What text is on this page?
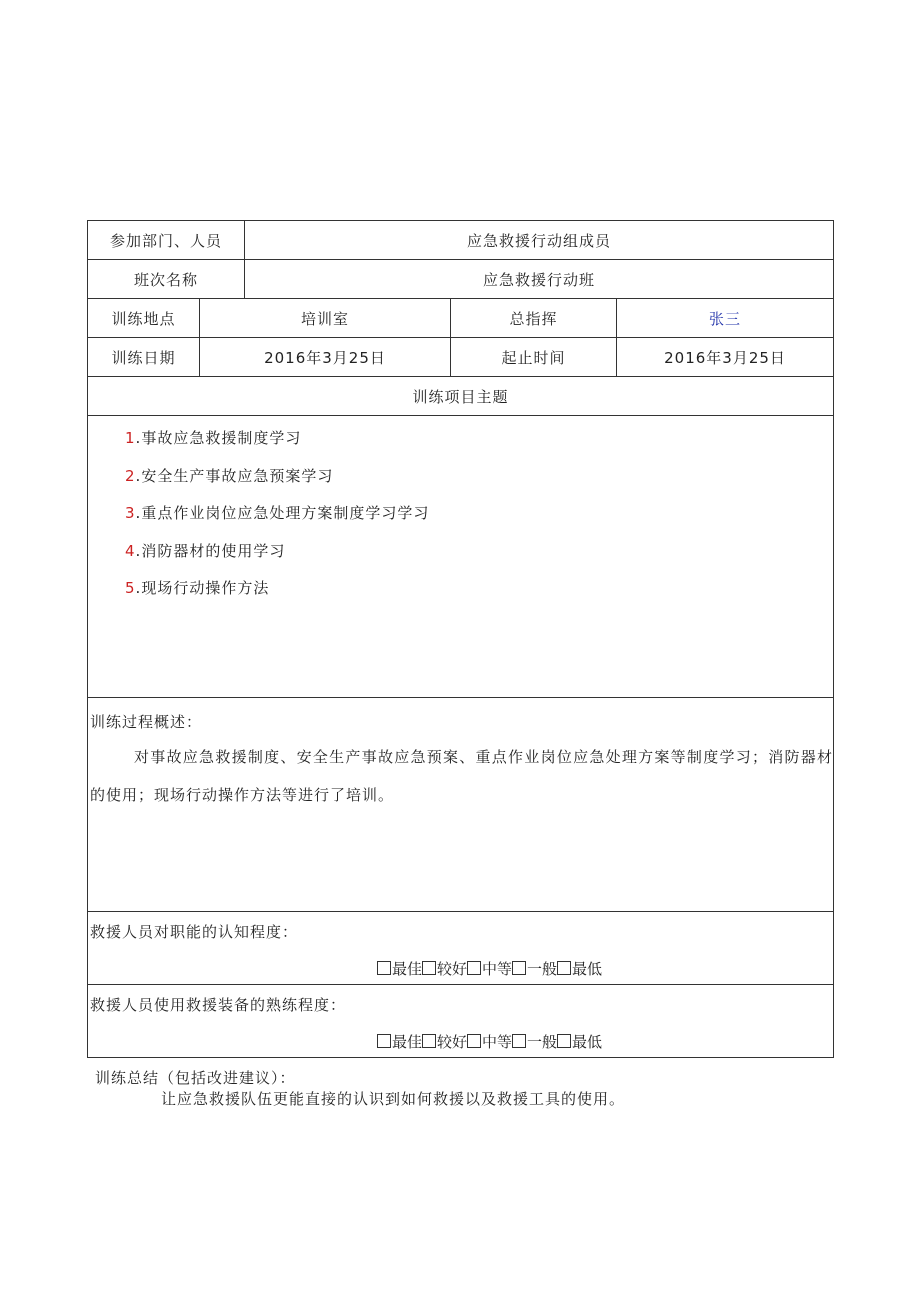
参加部门、人员		应急救援行动组成员		
班次名称		应急救援行动班		
训练地点	培训室		总指挥	张三
训练日期	2016年3月25日		起止时间	2016年3月25日
训练项目主题				

1.事故应急救援制度学习
2.安全生产事故应急预案学习
3.重点作业岗位应急处理方案制度学习学习
4.消防器材的使用学习
5.现场行动操作方法				

训练过程概述：
对事故应急救援制度、安全生产事故应急预案、重点作业岗位应急处理方案等制度学习；消防器材的使用；现场行动操作方法等进行了培训。				

救援人员对职能的认知程度：
最佳 较好 中等 一般 最低				

救援人员使用救援装备的熟练程度：
最佳 较好 中等 一般 最低				
训练总结（包括改进建议）：
让应急救援队伍更能直接的认识到如何救援以及救援工具的使用。
